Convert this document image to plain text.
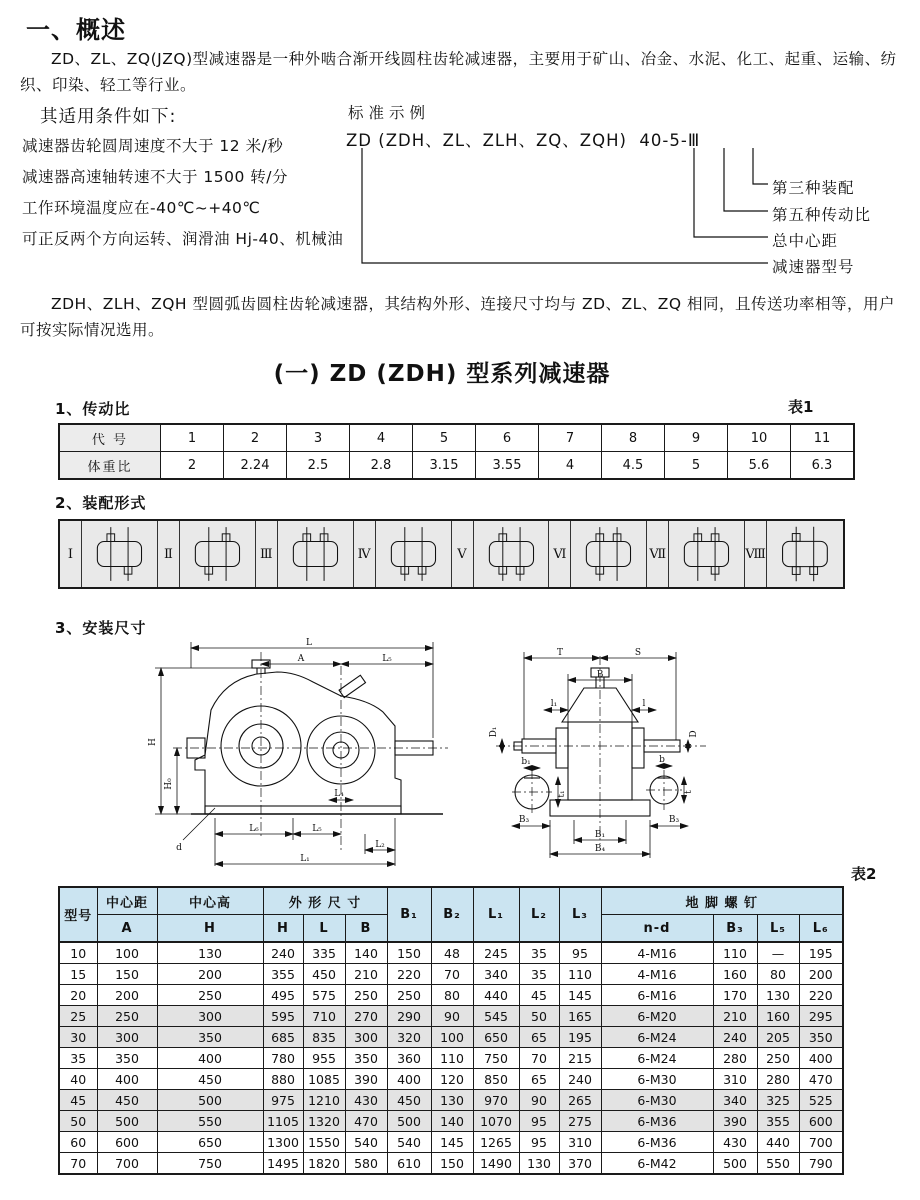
一、概述
ZD、ZL、ZQ(JZQ)型减速器是一种外啮合渐开线圆柱齿轮减速器，主要用于矿山、冶金、水泥、化工、起重、运输、纺织、印染、轻工等行业。
其适用条件如下:
减速器齿轮圆周速度不大于 12 米/秒
减速器高速轴转速不大于 1500 转/分
工作环境温度应在-40℃~+40℃
可正反两个方向运转、润滑油 Hj-40、机械油
标准示例
ZD (ZDH、ZL、ZLH、ZQ、ZQH)  40-5-Ⅲ
第三种装配
第五种传动比
总中心距
减速器型号
ZDH、ZLH、ZQH 型圆弧齿圆柱齿轮减速器，其结构外形、连接尺寸均与 ZD、ZL、ZQ 相同，且传送功率相等，用户可按实际情况选用。
(一) ZD (ZDH) 型系列减速器
1、传动比	表1
代 号	1	2	3	4	5	6	7	8	9	10	11
体重比	2	2.24	2.5	2.8	3.15	3.55	4	4.5	5	5.6	6.3
2、装配形式
Ⅰ	Ⅱ	Ⅲ	Ⅳ	Ⅴ	Ⅵ	Ⅶ	Ⅷ
3、安装尺寸
L
A	L₅
H
H₀
L₄
d
L₆	L₅
L₂
L₁
T	S
B
l₁	l
D₁	D
b₁
t₁
b
t
B₃	B₃
B₁
B₄
表2
型号	中心距	中心高	外 形 尺 寸			B₁	B₂	L₁	L₂	L₃	地 脚 螺 钉			
	A	H	H	L	B						n-d	B₃	L₅	L₆
10	100	130	240	335	140	150	48	245	35	95	4-M16	110	—	195
15	150	200	355	450	210	220	70	340	35	110	4-M16	160	80	200
20	200	250	495	575	250	250	80	440	45	145	6-M16	170	130	220
25	250	300	595	710	270	290	90	545	50	165	6-M20	210	160	295
30	300	350	685	835	300	320	100	650	65	195	6-M24	240	205	350
35	350	400	780	955	350	360	110	750	70	215	6-M24	280	250	400
40	400	450	880	1085	390	400	120	850	65	240	6-M30	310	280	470
45	450	500	975	1210	430	450	130	970	90	265	6-M30	340	325	525
50	500	550	1105	1320	470	500	140	1070	95	275	6-M36	390	355	600
60	600	650	1300	1550	540	540	145	1265	95	310	6-M36	430	440	700
70	700	750	1495	1820	580	610	150	1490	130	370	6-M42	500	550	790
